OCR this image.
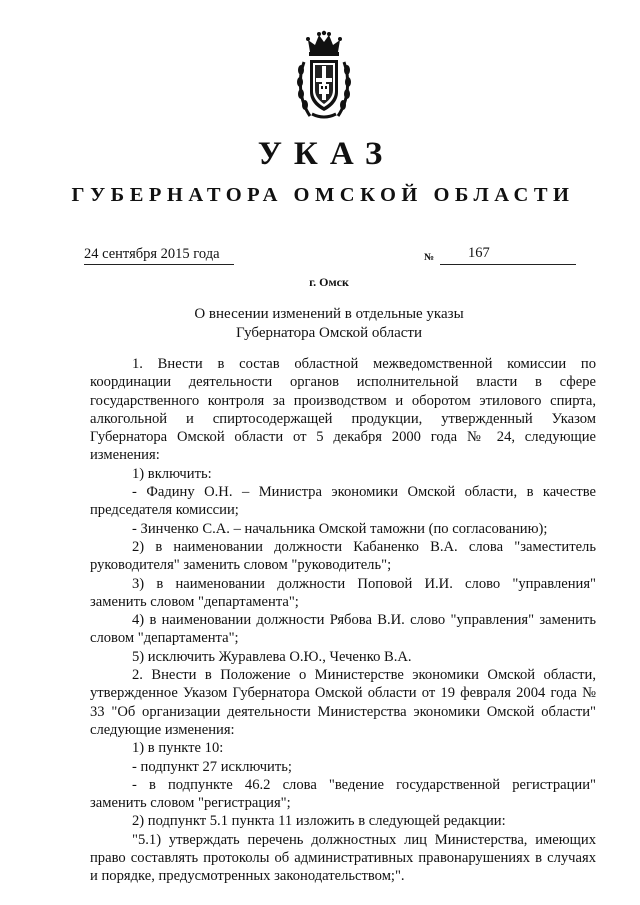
УКАЗ
ГУБЕРНАТОРА ОМСКОЙ ОБЛАСТИ
24 сентября 2015 года	№ 167
г. Омск
О внесении изменений в отдельные указы
Губернатора Омской области

1. Внести в состав областной межведомственной комиссии по координации деятельности органов исполнительной власти в сфере государственного контроля за производством и оборотом этилового спирта, алкогольной и спиртосодержащей продукции, утвержденный Указом Губернатора Омской области от 5 декабря 2000 года № 24, следующие изменения:

1) включить:

- Фадину О.Н. – Министра экономики Омской области, в качестве председателя комиссии;

- Зинченко С.А. – начальника Омской таможни (по согласованию);

2) в наименовании должности Кабаненко В.А. слова "заместитель руководителя" заменить словом "руководитель";

3) в наименовании должности Поповой И.И. слово "управления" заменить словом "департамента";

4) в наименовании должности Рябова В.И. слово "управления" заменить словом "департамента";

5) исключить Журавлева О.Ю., Чеченко В.А.

2. Внести в Положение о Министерстве экономики Омской области, утвержденное Указом Губернатора Омской области от 19 февраля 2004 года № 33 "Об организации деятельности Министерства экономики Омской области" следующие изменения:

1) в пункте 10:

- подпункт 27 исключить;

- в подпункте 46.2 слова "ведение государственной регистрации" заменить словом "регистрация";

2) подпункт 5.1 пункта 11 изложить в следующей редакции:

"5.1) утверждать перечень должностных лиц Министерства, имеющих право составлять протоколы об административных правонарушениях в случаях и порядке, предусмотренных законодательством;".
